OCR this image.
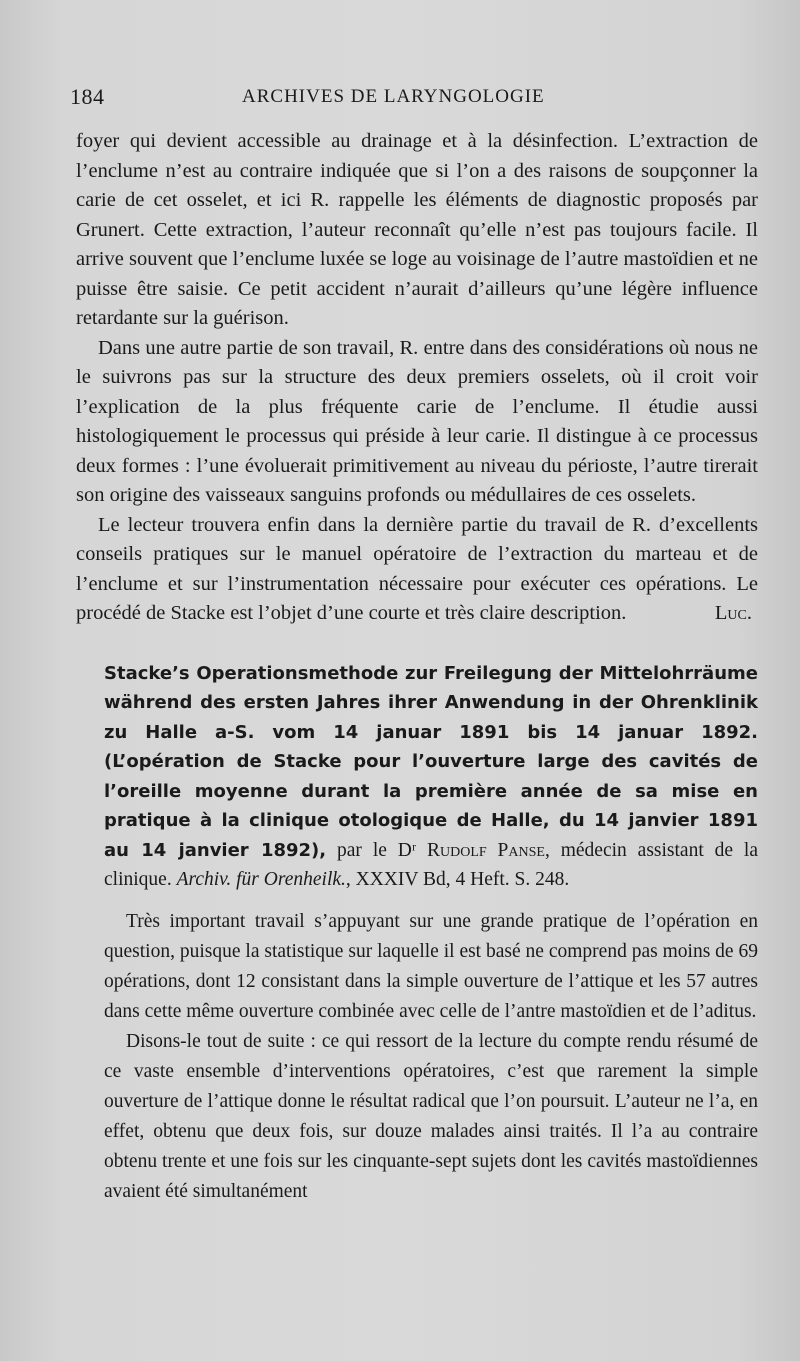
184	ARCHIVES DE LARYNGOLOGIE

foyer qui devient accessible au drainage et à la désinfection. L’extraction de l’enclume n’est au contraire indiquée que si l’on a des raisons de soupçonner la carie de cet osselet, et ici R. rappelle les éléments de diagnostic proposés par Grunert. Cette extraction, l’auteur reconnaît qu’elle n’est pas toujours facile. Il arrive souvent que l’enclume luxée se loge au voisinage de l’autre mastoïdien et ne puisse être saisie. Ce petit accident n’aurait d’ailleurs qu’une légère influence retardante sur la guérison.

Dans une autre partie de son travail, R. entre dans des considérations où nous ne le suivrons pas sur la structure des deux premiers osselets, où il croit voir l’explication de la plus fréquente carie de l’enclume. Il étudie aussi histologiquement le processus qui préside à leur carie. Il distingue à ce processus deux formes : l’une évoluerait primitivement au niveau du périoste, l’autre tirerait son origine des vaisseaux sanguins profonds ou médullaires de ces osselets.

Le lecteur trouvera enfin dans la dernière partie du travail de R. d’excellents conseils pratiques sur le manuel opératoire de l’extraction du marteau et de l’enclume et sur l’instrumentation nécessaire pour exécuter ces opérations. Le procédé de Stacke est l’objet d’une courte et très claire description.	Luc.

Stacke’s Operationsmethode zur Freilegung der Mittelohrräume während des ersten Jahres ihrer Anwendung in der Ohrenklinik zu Halle a-S. vom 14 januar 1891 bis 14 januar 1892. (L’opération de Stacke pour l’ouverture large des cavités de l’oreille moyenne durant la première année de sa mise en pratique à la clinique otologique de Halle, du 14 janvier 1891 au 14 janvier 1892), par le Dʳ Rudolf Panse, médecin assistant de la clinique. Archiv. für Orenheilk., XXXIV Bd, 4 Heft. S. 248.

Très important travail s’appuyant sur une grande pratique de l’opération en question, puisque la statistique sur laquelle il est basé ne comprend pas moins de 69 opérations, dont 12 consistant dans la simple ouverture de l’attique et les 57 autres dans cette même ouverture combinée avec celle de l’antre mastoïdien et de l’aditus.

Disons-le tout de suite : ce qui ressort de la lecture du compte rendu résumé de ce vaste ensemble d’interventions opératoires, c’est que rarement la simple ouverture de l’attique donne le résultat radical que l’on poursuit. L’auteur ne l’a, en effet, obtenu que deux fois, sur douze malades ainsi traités. Il l’a au contraire obtenu trente et une fois sur les cinquante-sept sujets dont les cavités mastoïdiennes avaient été simultanément
